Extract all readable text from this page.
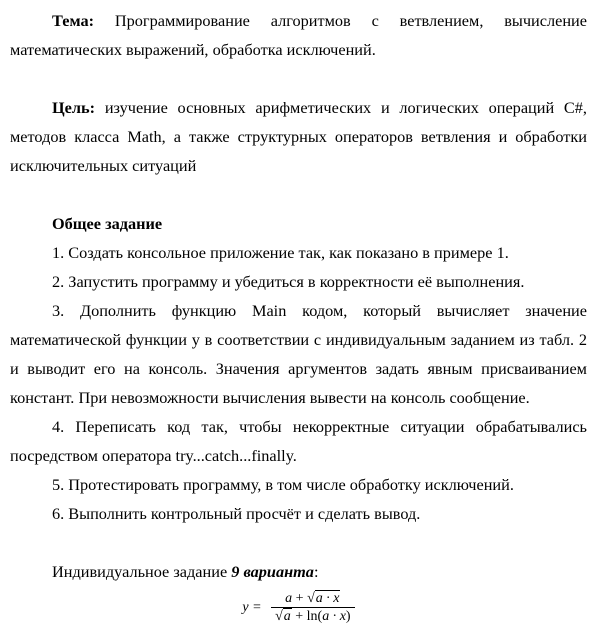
Тема: Программирование алгоритмов с ветвлением, вычисление математических выражений, обработка исключений.

Цель: изучение основных арифметических и логических операций C#, методов класса Math, а также структурных операторов ветвления и обработки исключительных ситуаций

Общее задание

1. Создать консольное приложение так, как показано в примере 1.

2. Запустить программу и убедиться в корректности её выполнения.

3. Дополнить функцию Main кодом, который вычисляет значение математической функции y в соответствии с индивидуальным заданием из табл. 2 и выводит его на консоль. Значения аргументов задать явным присваиванием констант. При невозможности вычисления вывести на консоль сообщение.

4. Переписать код так, чтобы некорректные ситуации обрабатывались посредством оператора try...catch...finally.

5. Протестировать программу, в том числе обработку исключений.

6. Выполнить контрольный просчёт и сделать вывод.

Индивидуальное задание 9 варианта:

$y = \frac{a + √a \cdot x}{√a + \ln(a \cdot x)}$
